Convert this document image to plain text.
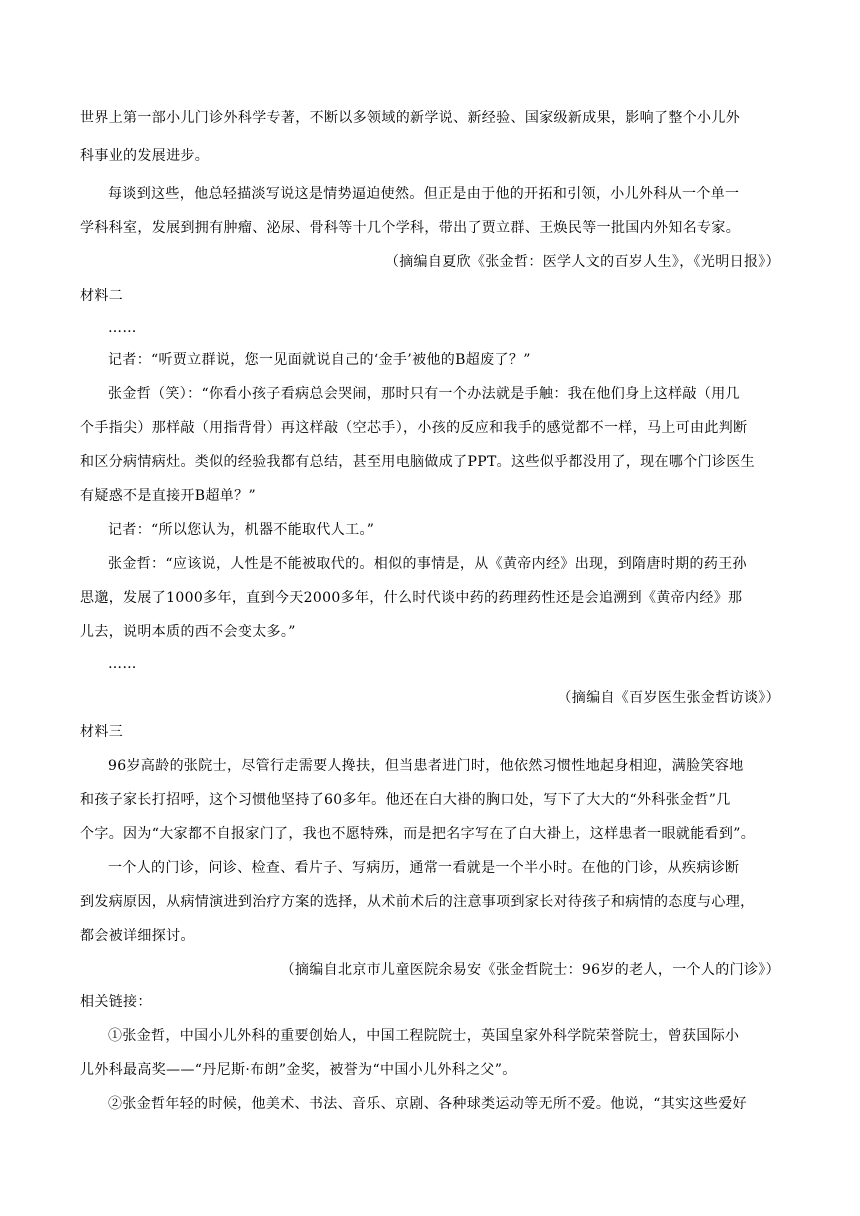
世界上第一部小儿门诊外科学专著，不断以多领域的新学说、新经验、国家级新成果，影响了整个小儿外
科事业的发展进步。
每谈到这些，他总轻描淡写说这是情势逼迫使然。但正是由于他的开拓和引领，小儿外科从一个单一
学科科室，发展到拥有肿瘤、泌尿、骨科等十几个学科，带出了贾立群、王焕民等一批国内外知名专家。
（摘编自夏欣《张金哲：医学人文的百岁人生》，《光明日报》）
材料二
……
记者：“听贾立群说，您一见面就说自己的‘金手’被他的B超废了？”
张金哲（笑）：“你看小孩子看病总会哭闹，那时只有一个办法就是手触：我在他们身上这样敲（用几
个手指尖）那样敲（用指背骨）再这样敲（空芯手），小孩的反应和我手的感觉都不一样，马上可由此判断
和区分病情病灶。类似的经验我都有总结，甚至用电脑做成了PPT。这些似乎都没用了，现在哪个门诊医生
有疑惑不是直接开B超单？”
记者：“所以您认为，机器不能取代人工。”
张金哲：“应该说，人性是不能被取代的。相似的事情是，从《黄帝内经》出现，到隋唐时期的药王孙
思邈，发展了1000多年，直到今天2000多年，什么时代谈中药的药理药性还是会追溯到《黄帝内经》那
儿去，说明本质的西不会变太多。”
……
（摘编自《百岁医生张金哲访谈》）
材料三
96岁高龄的张院士，尽管行走需要人搀扶，但当患者进门时，他依然习惯性地起身相迎，满脸笑容地
和孩子家长打招呼，这个习惯他坚持了60多年。他还在白大褂的胸口处，写下了大大的“外科张金哲”几
个字。因为“大家都不自报家门了，我也不愿特殊，而是把名字写在了白大褂上，这样患者一眼就能看到”。
一个人的门诊，问诊、检查、看片子、写病历，通常一看就是一个半小时。在他的门诊，从疾病诊断
到发病原因，从病情演进到治疗方案的选择，从术前术后的注意事项到家长对待孩子和病情的态度与心理，
都会被详细探讨。
（摘编自北京市儿童医院余易安《张金哲院士：96岁的老人，一个人的门诊》）
相关链接：
①张金哲，中国小儿外科的重要创始人，中国工程院院士，英国皇家外科学院荣誉院士，曾获国际小
儿外科最高奖——“丹尼斯·布朗”金奖，被誉为“中国小儿外科之父”。
②张金哲年轻的时候，他美术、书法、音乐、京剧、各种球类运动等无所不爱。他说，“其实这些爱好
